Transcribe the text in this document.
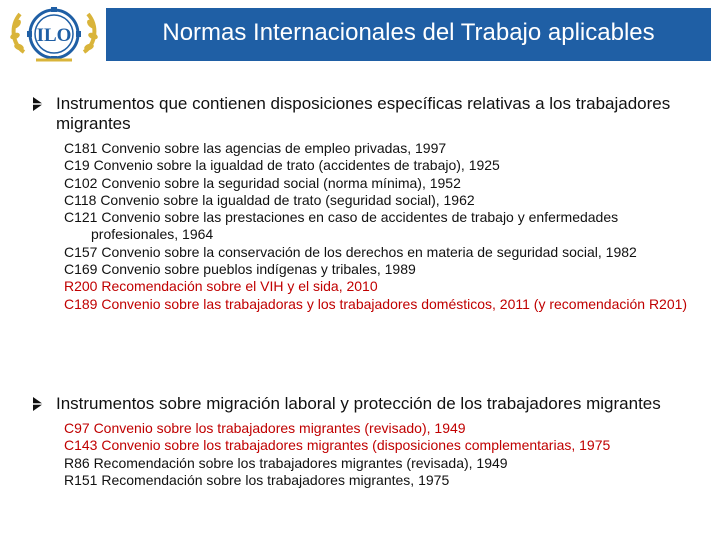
Normas Internacionales del Trabajo aplicables
ILO
Instrumentos que contienen disposiciones específicas relativas a los trabajadores migrantes
C181 Convenio sobre las agencias de empleo privadas, 1997
C19 Convenio sobre la igualdad de trato (accidentes de trabajo), 1925
C102 Convenio sobre la seguridad social (norma mínima), 1952
C118 Convenio sobre la igualdad de trato (seguridad social), 1962
C121 Convenio sobre las prestaciones en caso de accidentes de trabajo y enfermedades profesionales, 1964
C157 Convenio sobre la conservación de los derechos en materia de seguridad social, 1982
C169 Convenio sobre pueblos indígenas y tribales, 1989
R200 Recomendación sobre el VIH y el sida, 2010
C189 Convenio sobre las trabajadoras y los trabajadores domésticos, 2011 (y recomendación R201)
Instrumentos sobre migración laboral y protección de los trabajadores migrantes
C97 Convenio sobre los trabajadores migrantes (revisado), 1949
C143 Convenio sobre los trabajadores migrantes (disposiciones complementarias, 1975
R86 Recomendación sobre los trabajadores migrantes (revisada), 1949
R151 Recomendación sobre los trabajadores migrantes, 1975
